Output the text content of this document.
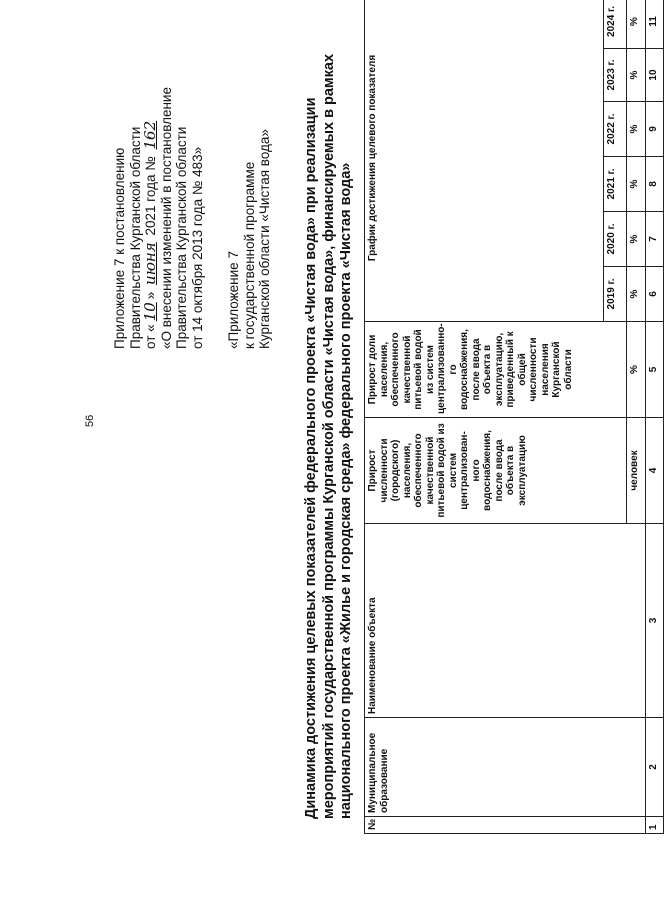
56
Приложение 7 к постановлению Правительства Курганской области от «10» июня 2021 года № 162 «О внесении изменений в постановление Правительства Курганской области от 14 октября 2013 года № 483» «Приложение 7 к государственной программе Курганской области «Чистая вода» Динамика достижения целевых показателей федерального проекта «Чистая вода» при реализации мероприятий государственной программы Курганской области «Чистая вода», финансируемых в рамках национального проекта «Жилье и городская среда» федерального проекта «Чистая вода»
№	Муниципальное образование	Наименование объекта	Прирост численности (городского) населения, обеспеченного качественной питьевой водой из систем централизован-ного водоснабжения, после ввода объекта в эксплуатацию	Прирост доли населения, обеспеченного качественной питьевой водой из систем централизованно-го водоснабжения, после ввода объекта в эксплуатацию, приведенный к общей численности населения Курганской области	График достижения целевого показателя					
					2019 г.	2020 г.	2021 г.	2022 г.	2023 г.	2024 г.
			человек	%	%	%	%	%	%	%
1	2	3	4	5	6	7	8	9	10	11
